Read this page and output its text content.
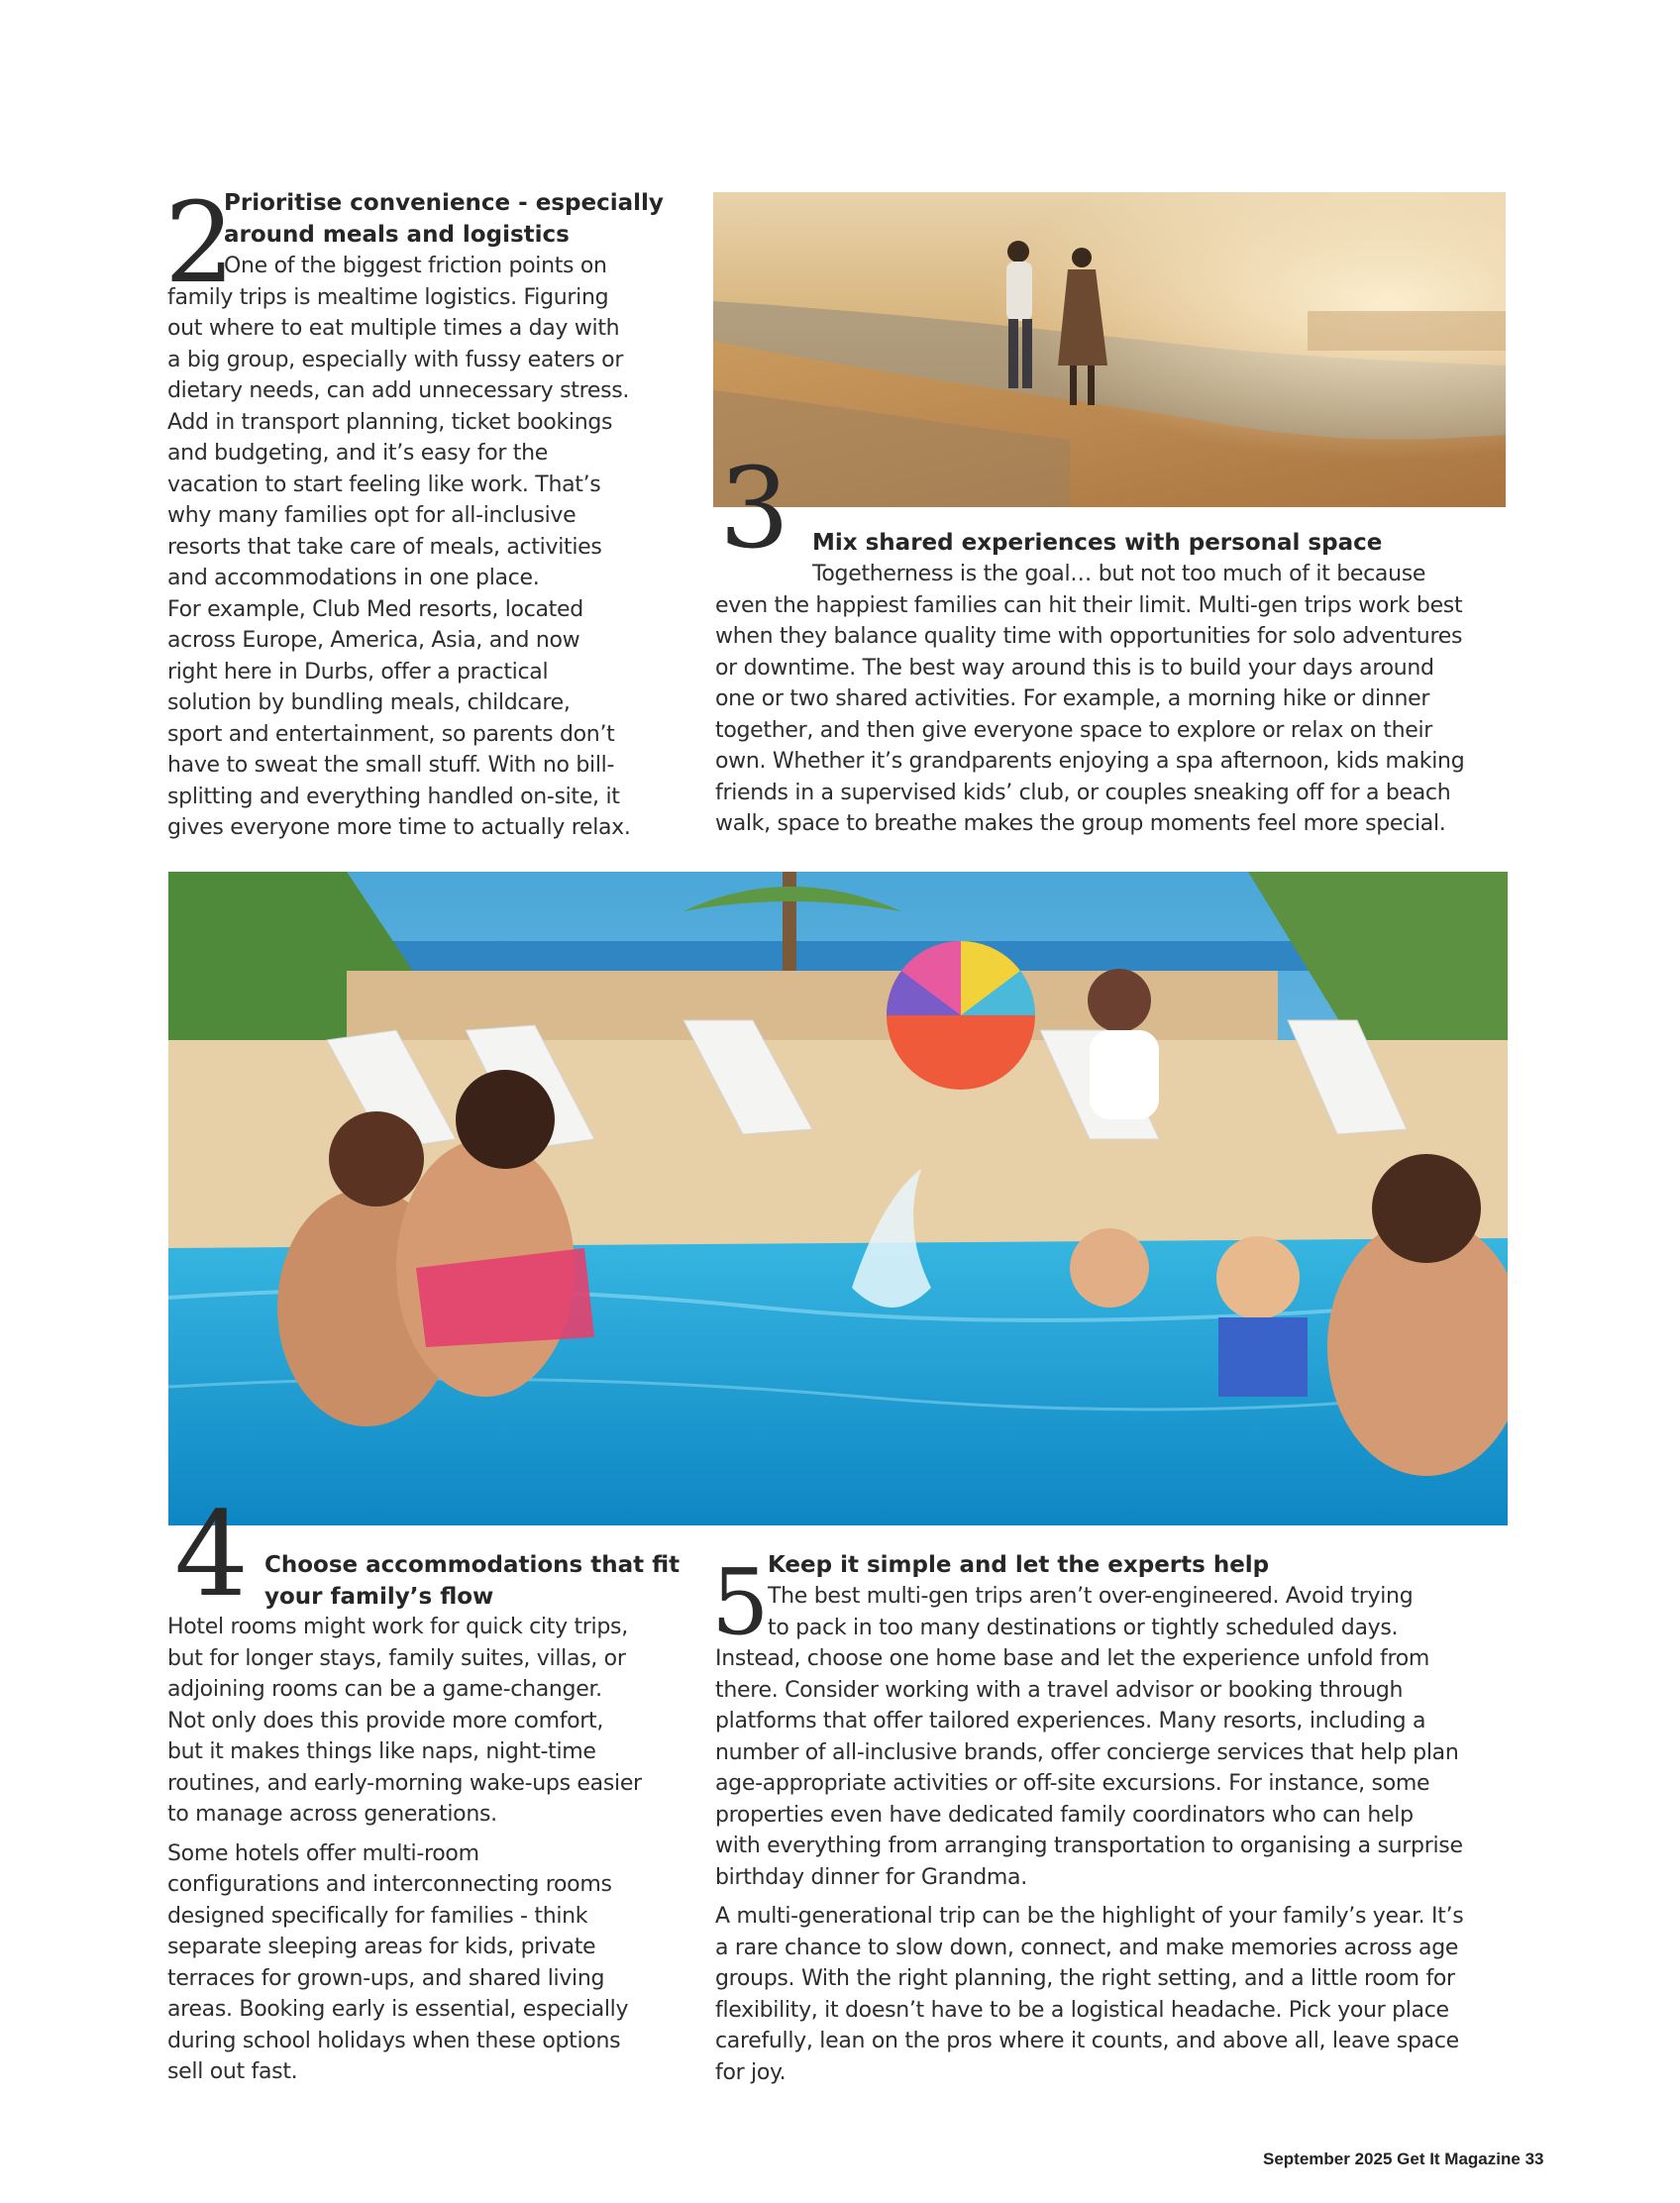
2
Prioritise convenience - especially
around meals and logistics
One of the biggest friction points on
family trips is mealtime logistics. Figuring
out where to eat multiple times a day with
a big group, especially with fussy eaters or
dietary needs, can add unnecessary stress.
Add in transport planning, ticket bookings
and budgeting, and it’s easy for the
vacation to start feeling like work. That’s
why many families opt for all-inclusive
resorts that take care of meals, activities
and accommodations in one place.
For example, Club Med resorts, located
across Europe, America, Asia, and now
right here in Durbs, offer a practical
solution by bundling meals, childcare,
sport and entertainment, so parents don’t
have to sweat the small stuff. With no bill-
splitting and everything handled on-site, it
gives everyone more time to actually relax.
3 Mix shared experiences with personal space
Togetherness is the goal… but not too much of it because
even the happiest families can hit their limit. Multi-gen trips work best
when they balance quality time with opportunities for solo adventures
or downtime. The best way around this is to build your days around
one or two shared activities. For example, a morning hike or dinner
together, and then give everyone space to explore or relax on their
own. Whether it’s grandparents enjoying a spa afternoon, kids making
friends in a supervised kids’ club, or couples sneaking off for a beach
walk, space to breathe makes the group moments feel more special.
4 Choose accommodations that fit
your family’s flow
Hotel rooms might work for quick city trips,
but for longer stays, family suites, villas, or
adjoining rooms can be a game-changer.
Not only does this provide more comfort,
but it makes things like naps, night-time
routines, and early-morning wake-ups easier
to manage across generations.
Some hotels offer multi-room
configurations and interconnecting rooms
designed specifically for families - think
separate sleeping areas for kids, private
terraces for grown-ups, and shared living
areas. Booking early is essential, especially
during school holidays when these options
sell out fast.
5 Keep it simple and let the experts help
The best multi-gen trips aren’t over-engineered. Avoid trying
to pack in too many destinations or tightly scheduled days.
Instead, choose one home base and let the experience unfold from
there. Consider working with a travel advisor or booking through
platforms that offer tailored experiences. Many resorts, including a
number of all-inclusive brands, offer concierge services that help plan
age-appropriate activities or off-site excursions. For instance, some
properties even have dedicated family coordinators who can help
with everything from arranging transportation to organising a surprise
birthday dinner for Grandma.
A multi-generational trip can be the highlight of your family’s year. It’s
a rare chance to slow down, connect, and make memories across age
groups. With the right planning, the right setting, and a little room for
flexibility, it doesn’t have to be a logistical headache. Pick your place
carefully, lean on the pros where it counts, and above all, leave space
for joy.
September 2025 Get It Magazine 33
